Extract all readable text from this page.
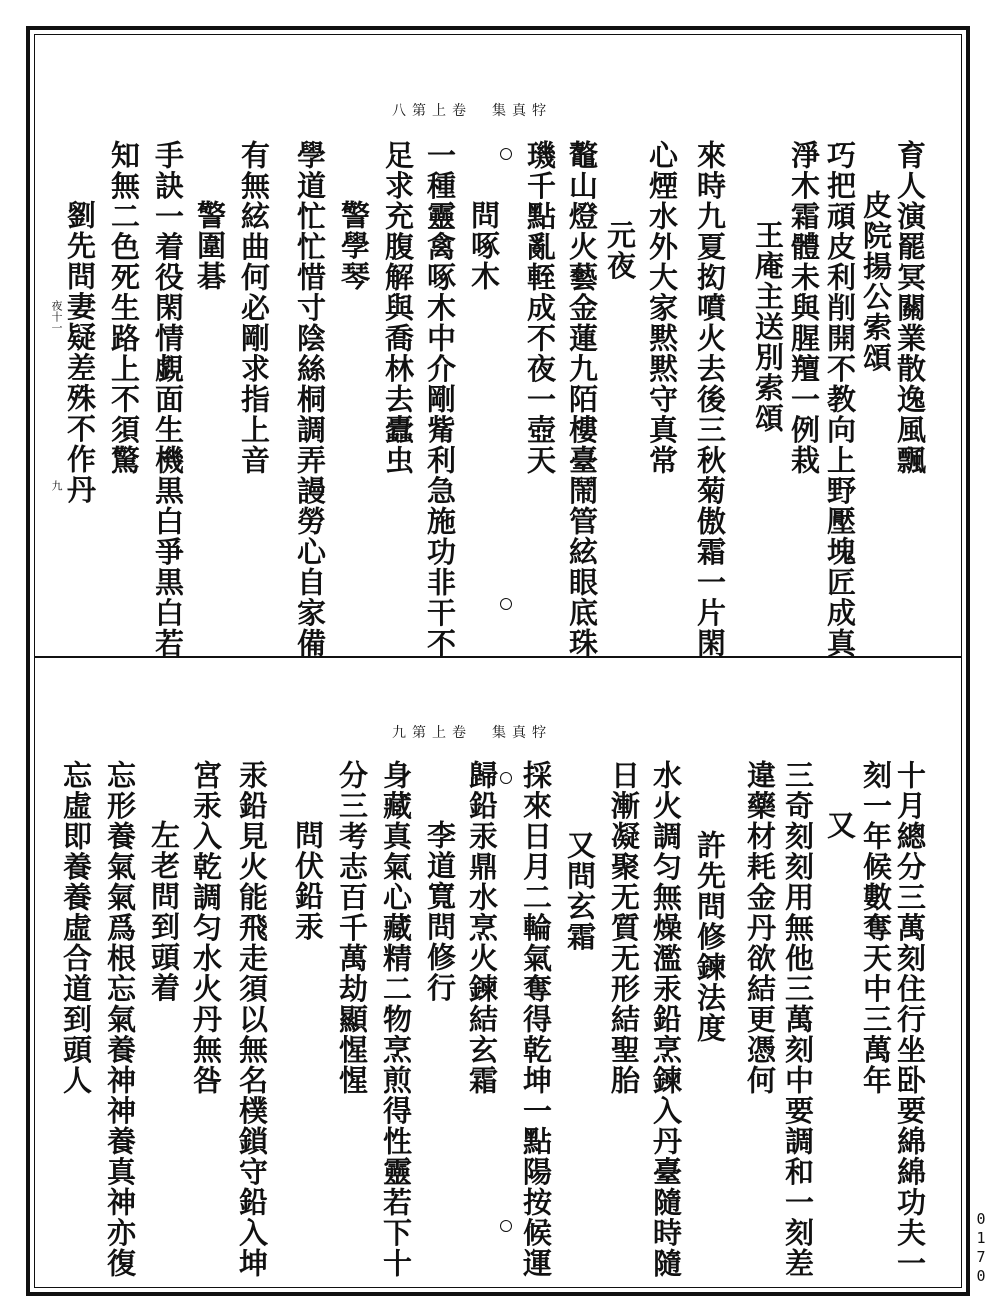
八第上卷　集真牸
育人演罷冥關業散逸風飄
皮院揚公索頌
巧把頑皮利削開不教向上野壓塊匠成真
淨木霜體未與腥羶一例栽
王庵主送別索頌
來時九夏抝噴火去後三秋菊傲霜一片閑
心煙水外大家黙黙守真常
元夜
鼇山燈火藝金蓮九陌樓臺鬧管絃眼底珠
璣千點亂輊成不夜一壺天
問啄木
一種靈禽啄木中介剛觜利急施功非干不
足求充腹解與喬林去蠹虫
警學琴
學道忙忙惜寸陰絲桐調弄謾勞心自家備
有無絃曲何必剛求指上音
警圍碁
手訣一着役閑情覷面生機黒白爭黒白若
知無二色死生路上不須驚
劉先問妻疑差殊不作丹
夜十一
九
九第上卷　集真牸
十月總分三萬刻住行坐卧要綿綿功夫一
刻一年候數奪天中三萬年
又
三奇刻刻用無他三萬刻中要調和一刻差
違藥材耗金丹欲結更憑何
許先問修鍊法度
水火調匀無燥濫汞鉛烹鍊入丹臺隨時隨
日漸凝聚无質无形結聖胎
又問玄霜
採來日月二輪氣奪得乾坤一點陽按候運
歸鉛汞鼎水烹火鍊結玄霜
李道寬問修行
身藏真氣心藏精二物烹煎得性靈若下十
分三考志百千萬劫顯惺惺
問伏鉛汞
汞鉛見火能飛走須以無名樸鎖守鉛入坤
宮汞入乾調匀水火丹無咎
左老問到頭着
忘形養氣氣爲根忘氣養神神養真神亦復
忘虛即養養虛合道到頭人
0170
